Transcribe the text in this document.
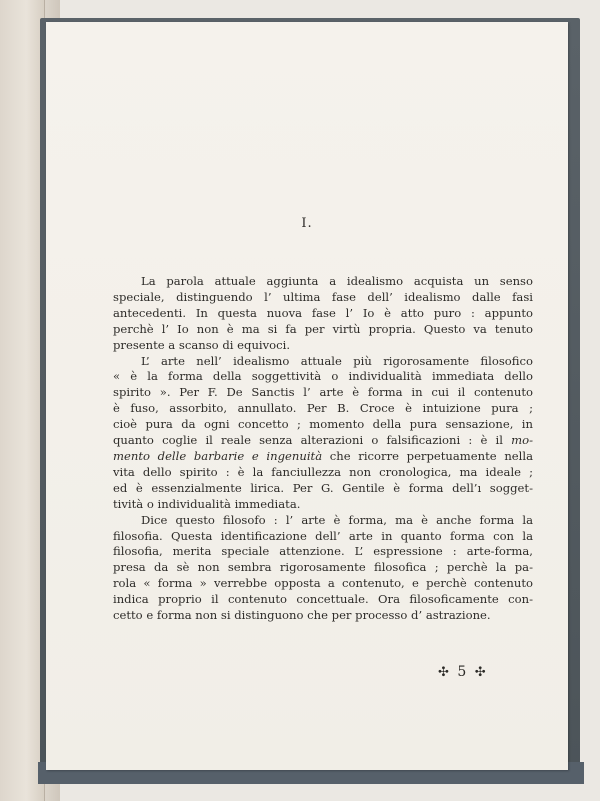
I.
La parola attuale aggiunta a idealismo acquista un senso
speciale, distinguendo l’ ultima fase dell’ idealismo dalle fasi
antecedenti. In questa nuova fase l’ Io è atto puro : appunto
perchè l’ Io non è ma si fa per virtù propria. Questo va tenuto
presente a scanso di equivoci.
L’ arte nell’ idealismo attuale più rigorosamente filosofico
« è la forma della soggettività o individualità immediata dello
spirito ». Per F. De Sanctis l’ arte è forma in cui il contenuto
è fuso, assorbito, annullato. Per B. Croce è intuizione pura ;
cioè pura da ogni concetto ; momento della pura sensazione, in
quanto coglie il reale senza alterazioni o falsificazioni : è il mo-
mento delle barbarie e ingenuità che ricorre perpetuamente nella
vita dello spirito : è la fanciullezza non cronologica, ma ideale ;
ed è essenzialmente lirica. Per G. Gentile è forma dell’ı sogget-
tività o individualità immediata.
Dice questo filosofo : l’ arte è forma, ma è anche forma la
filosofia. Questa identificazione dell’ arte in quanto forma con la
filosofia, merita speciale attenzione. L’ espressione : arte-forma,
presa da sè non sembra rigorosamente filosofica ; perchè la pa-
rola « forma » verrebbe opposta a contenuto, e perchè contenuto
indica proprio il contenuto concettuale. Ora filosoficamente con-
cetto e forma non si distinguono che per processo d’ astrazione.
✣ 5 ✣
